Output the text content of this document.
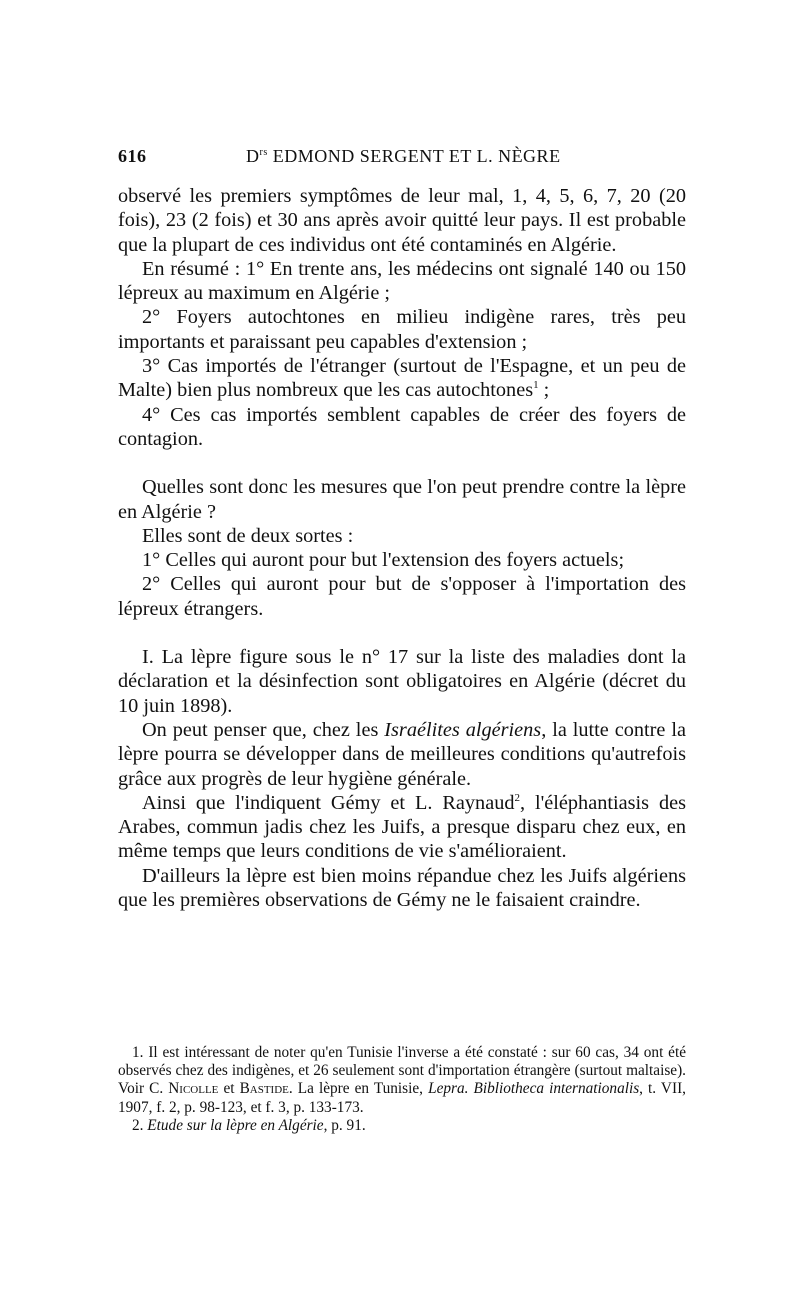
616	$D^{rs}$ EDMOND SERGENT ET L. NÈGRE

observé les premiers symptômes de leur mal, 1, 4, 5, 6, 7, 20 (20 fois), 23 (2 fois) et 30 ans après avoir quitté leur pays. Il est probable que la plupart de ces individus ont été contaminés en Algérie.

En résumé : 1° En trente ans, les médecins ont signalé 140 ou 150 lépreux au maximum en Algérie ;

2° Foyers autochtones en milieu indigène rares, très peu importants et paraissant peu capables d'extension ;

3° Cas importés de l'étranger (surtout de l'Espagne, et un peu de Malte) bien plus nombreux que les cas autochtones$^1$ ;

4° Ces cas importés semblent capables de créer des foyers de contagion.

Quelles sont donc les mesures que l'on peut prendre contre la lèpre en Algérie ?

Elles sont de deux sortes :

1° Celles qui auront pour but l'extension des foyers actuels;

2° Celles qui auront pour but de s'opposer à l'importation des lépreux étrangers.

I. La lèpre figure sous le n° 17 sur la liste des maladies dont la déclaration et la désinfection sont obligatoires en Algérie (décret du 10 juin 1898).

On peut penser que, chez les Israélites algériens, la lutte contre la lèpre pourra se développer dans de meilleures conditions qu'autrefois grâce aux progrès de leur hygiène générale.

Ainsi que l'indiquent Gémy et L. Raynaud$^2$, l'éléphantiasis des Arabes, commun jadis chez les Juifs, a presque disparu chez eux, en même temps que leurs conditions de vie s'amélioraient.

D'ailleurs la lèpre est bien moins répandue chez les Juifs algériens que les premières observations de Gémy ne le faisaient craindre.

1. Il est intéressant de noter qu'en Tunisie l'inverse a été constaté : sur 60 cas, 34 ont été observés chez des indigènes, et 26 seulement sont d'importation étrangère (surtout maltaise). Voir C. Nicolle et Bastide. La lèpre en Tunisie, Lepra. Bibliotheca internationalis, t. VII, 1907, f. 2, p. 98-123, et f. 3, p. 133-173.

2. Etude sur la lèpre en Algérie, p. 91.
